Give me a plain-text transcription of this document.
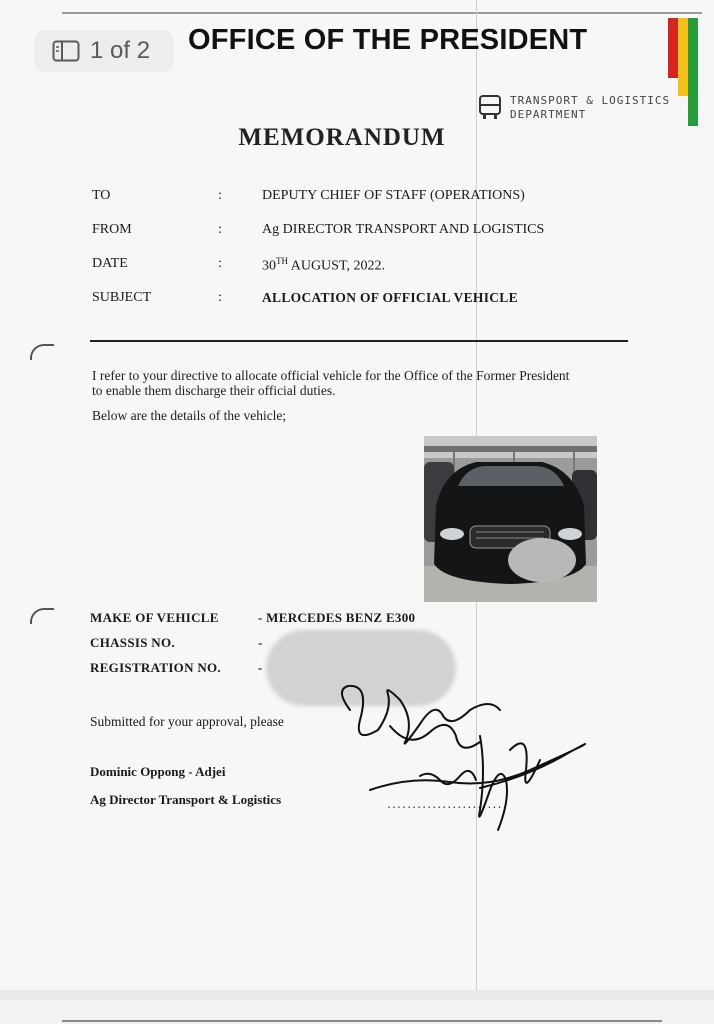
OFFICE OF THE PRESIDENT
TRANSPORT & LOGISTICS
DEPARTMENT
MEMORANDUM
TO	:	DEPUTY CHIEF OF STAFF (OPERATIONS)
FROM	:	Ag DIRECTOR TRANSPORT AND LOGISTICS
DATE	:	30TH AUGUST, 2022.
SUBJECT	:	ALLOCATION OF OFFICIAL VEHICLE
I refer to your directive to allocate official vehicle for the Office of the Former President
to enable them discharge their official duties.
Below are the details of the vehicle;
MAKE OF VEHICLE	- MERCEDES BENZ E300
CHASSIS NO.	-
REGISTRATION NO.	-
Submitted for your approval, please
Dominic Oppong - Adjei
Ag Director Transport & Logistics	........................
1 of 2
